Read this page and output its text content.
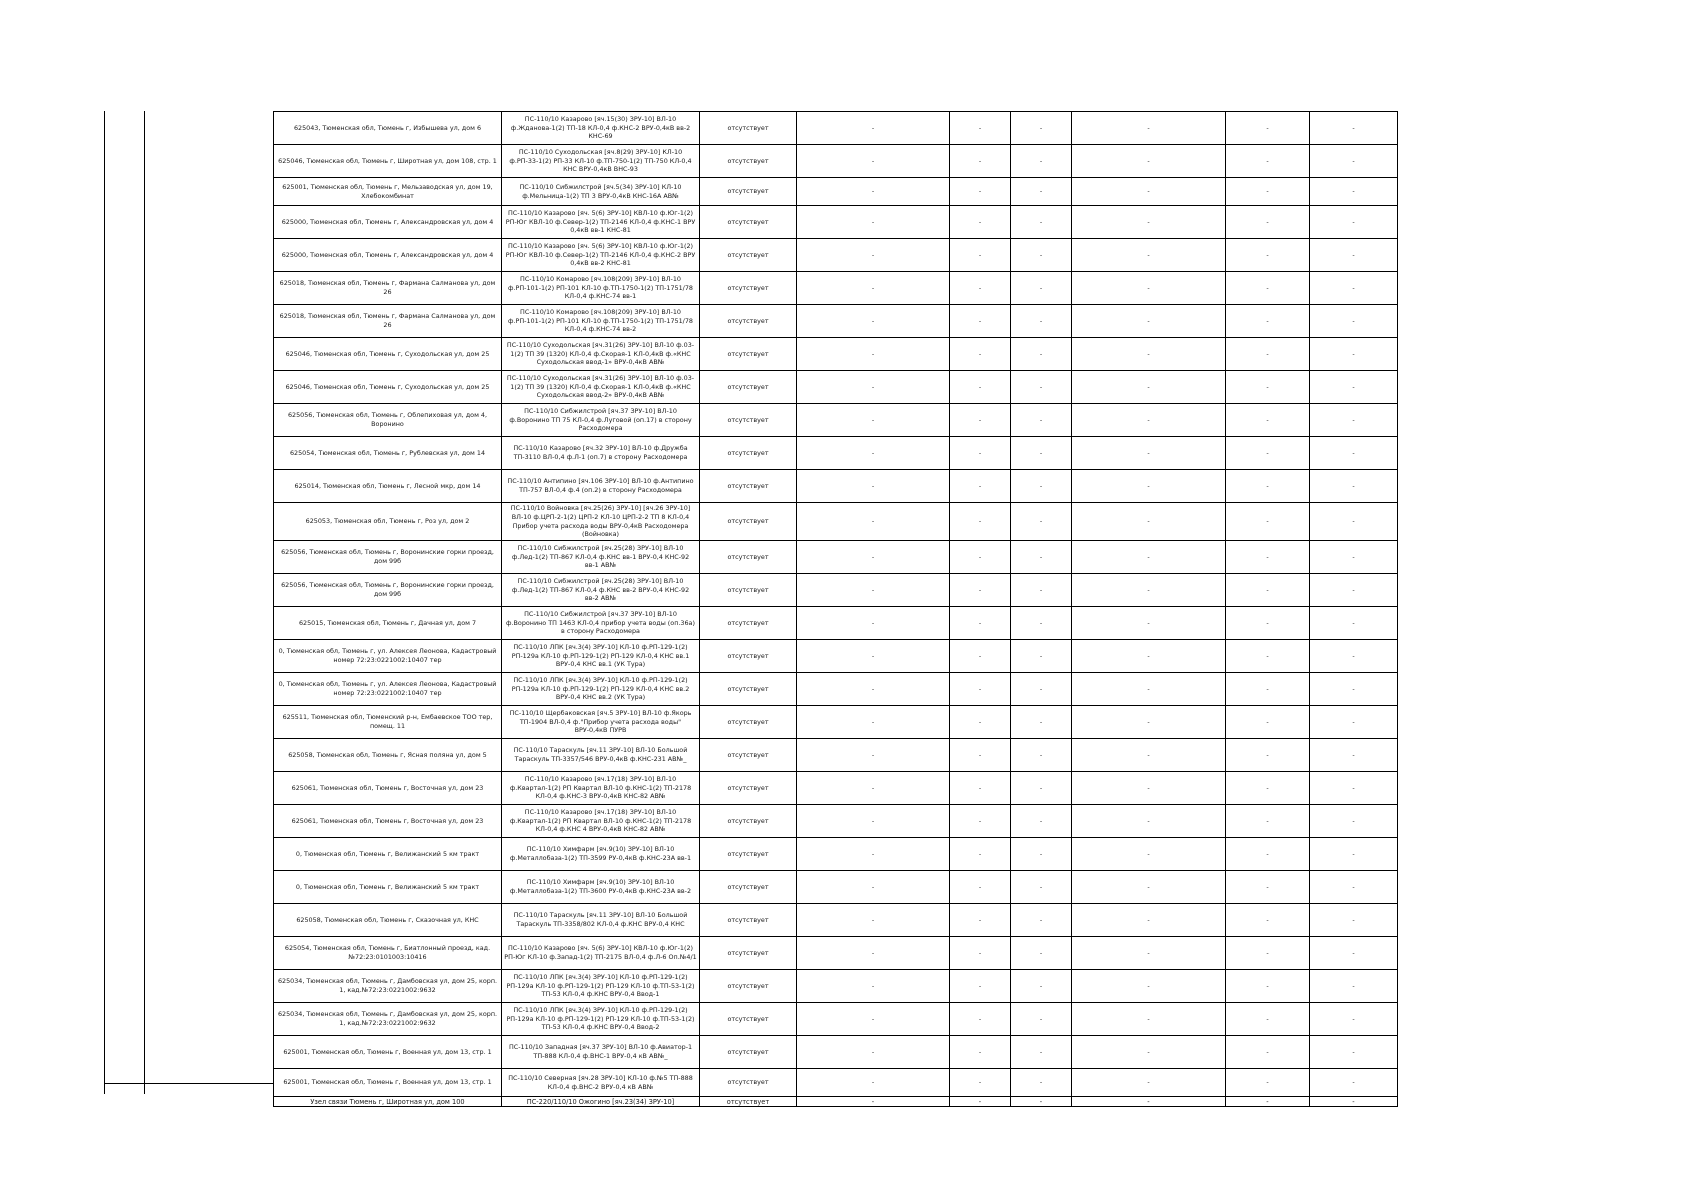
625043, Тюменская обл, Тюмень г, Избышева ул, дом 6	ПС-110/10 Казарово [яч.15(30) ЗРУ-10] ВЛ-10 ф.Жданова-1(2) ТП-18 КЛ-0,4 ф.КНС-2 ВРУ-0,4кВ вв-2 КНС-69	отсутствует	-	-	-	-	-	-
625046, Тюменская обл, Тюмень г, Широтная ул, дом 108, стр. 1	ПС-110/10 Суходольская [яч.8(29) ЗРУ-10] КЛ-10 ф.РП-33-1(2) РП-33 КЛ-10 ф.ТП-750-1(2) ТП-750 КЛ-0,4 КНС ВРУ-0,4кВ ВНС-93	отсутствует	-	-	-	-	-	-
625001, Тюменская обл, Тюмень г, Мельзаводская ул, дом 19, Хлебокомбинат	ПС-110/10 Сибжилстрой [яч.5(34) ЗРУ-10] КЛ-10 ф.Мельница-1(2) ТП 3 ВРУ-0,4кВ КНС-16А АВ№	отсутствует	-	-	-	-	-	-
625000, Тюменская обл, Тюмень г, Александровская ул, дом 4	ПС-110/10 Казарово [яч. 5(6) ЗРУ-10] КВЛ-10 ф.Юг-1(2) РП-Юг КВЛ-10 ф.Север-1(2) ТП-2146 КЛ-0,4 ф.КНС-1 ВРУ 0,4кВ вв-1 КНС-81	отсутствует	-	-	-	-	-	-
625000, Тюменская обл, Тюмень г, Александровская ул, дом 4	ПС-110/10 Казарово [яч. 5(6) ЗРУ-10] КВЛ-10 ф.Юг-1(2) РП-Юг КВЛ-10 ф.Север-1(2) ТП-2146 КЛ-0,4 ф.КНС-2 ВРУ 0,4кВ вв-2 КНС-81	отсутствует	-	-	-	-	-	-
625018, Тюменская обл, Тюмень г, Фармана Салманова ул, дом 26	ПС-110/10 Комарово [яч.108(209) ЗРУ-10] ВЛ-10 ф.РП-101-1(2) РП-101 КЛ-10 ф.ТП-1750-1(2) ТП-1751/78 КЛ-0,4 ф.КНС-74 вв-1	отсутствует	-	-	-	-	-	-
625018, Тюменская обл, Тюмень г, Фармана Салманова ул, дом 26	ПС-110/10 Комарово [яч.108(209) ЗРУ-10] ВЛ-10 ф.РП-101-1(2) РП-101 КЛ-10 ф.ТП-1750-1(2) ТП-1751/78 КЛ-0,4 ф.КНС-74 вв-2	отсутствует	-	-	-	-	-	-
625046, Тюменская обл, Тюмень г, Суходольская ул, дом 25	ПС-110/10 Суходольская [яч.31(26) ЗРУ-10] ВЛ-10 ф.03-1(2) ТП 39 (1320) КЛ-0,4 ф.Скорая-1 КЛ-0,4кВ ф.«КНС Суходольская ввод-1» ВРУ-0,4кВ АВ№	отсутствует	-	-	-	-	-	-
625046, Тюменская обл, Тюмень г, Суходольская ул, дом 25	ПС-110/10 Суходольская [яч.31(26) ЗРУ-10] ВЛ-10 ф.03-1(2) ТП 39 (1320) КЛ-0,4 ф.Скорая-1 КЛ-0,4кВ ф.«КНС Суходольская ввод-2» ВРУ-0,4кВ АВ№	отсутствует	-	-	-	-	-	-
625056, Тюменская обл, Тюмень г, Облепиховая ул, дом 4, Воронино	ПС-110/10 Сибжилстрой [яч.37 ЗРУ-10] ВЛ-10 ф.Воронино ТП 75 КЛ-0,4 ф.Луговой (оп.17) в сторону Расходомера	отсутствует	-	-	-	-	-	-
625054, Тюменская обл, Тюмень г, Рублевская ул, дом 14	ПС-110/10 Казарово [яч.32 ЗРУ-10] ВЛ-10 ф.Дружба ТП-3110 ВЛ-0,4 ф.Л-1 (оп.7) в сторону Расходомера	отсутствует	-	-	-	-	-	-
625014, Тюменская обл, Тюмень г, Лесной мкр, дом 14	ПС-110/10 Антипино [яч.106 ЗРУ-10] ВЛ-10 ф.Антипино ТП-757 ВЛ-0,4 ф.4 (оп.2) в сторону Расходомера	отсутствует	-	-	-	-	-	-
625053, Тюменская обл, Тюмень г, Роз ул, дом 2	ПС-110/10 Войновка [яч.25(26) ЗРУ-10] [яч.26 ЗРУ-10] ВЛ-10 ф.ЦРП-2-1(2) ЦРП-2 КЛ-10 ЦРП-2-2 ТП 8 КЛ-0,4 Прибор учета расхода воды ВРУ-0,4кВ Расходомера (Войновка)	отсутствует	-	-	-	-	-	-
625056, Тюменская обл, Тюмень г, Воронинские горки проезд, дом 99б	ПС-110/10 Сибжилстрой [яч.25(28) ЗРУ-10] ВЛ-10 ф.Лед-1(2) ТП-867 КЛ-0,4 ф.КНС вв-1 ВРУ-0,4 КНС-92 вв-1 АВ№	отсутствует	-	-	-	-	-	-
625056, Тюменская обл, Тюмень г, Воронинские горки проезд, дом 99б	ПС-110/10 Сибжилстрой [яч.25(28) ЗРУ-10] ВЛ-10 ф.Лед-1(2) ТП-867 КЛ-0,4 ф.КНС вв-2 ВРУ-0,4 КНС-92 вв-2 АВ№	отсутствует	-	-	-	-	-	-
625015, Тюменская обл, Тюмень г, Дачная ул, дом 7	ПС-110/10 Сибжилстрой [яч.37 ЗРУ-10] ВЛ-10 ф.Воронино ТП 1463 КЛ-0,4 прибор учета воды (оп.36а) в сторону Расходомера	отсутствует	-	-	-	-	-	-
0, Тюменская обл, Тюмень г, ул. Алексея Леонова, Кадастровый номер 72:23:0221002:10407 тер	ПС-110/10 ЛПК [яч.3(4) ЗРУ-10] КЛ-10 ф.РП-129-1(2) РП-129а КЛ-10 ф.РП-129-1(2) РП-129 КЛ-0,4 КНС вв.1 ВРУ-0,4 КНС вв.1 (УК Тура)	отсутствует	-	-	-	-	-	-
0, Тюменская обл, Тюмень г, ул. Алексея Леонова, Кадастровый номер 72:23:0221002:10407 тер	ПС-110/10 ЛПК [яч.3(4) ЗРУ-10] КЛ-10 ф.РП-129-1(2) РП-129а КЛ-10 ф.РП-129-1(2) РП-129 КЛ-0,4 КНС вв.2 ВРУ-0,4 КНС вв.2 (УК Тура)	отсутствует	-	-	-	-	-	-
625511, Тюменская обл, Тюменский р-н, Ембаевское ТОО тер, помещ. 11	ПС-110/10 Щербаковская [яч.5 ЗРУ-10] ВЛ-10 ф.Якорь ТП-1904 ВЛ-0,4 ф."Прибор учета расхода воды" ВРУ-0,4кВ ПУРВ	отсутствует	-	-	-	-	-	-
625058, Тюменская обл, Тюмень г, Ясная поляна ул, дом 5	ПС-110/10 Тараскуль [яч.11 ЗРУ-10] ВЛ-10 Большой Тараскуль ТП-3357/546 ВРУ-0,4кВ ф.КНС-231 АВ№_	отсутствует	-	-	-	-	-	-
625061, Тюменская обл, Тюмень г, Восточная ул, дом 23	ПС-110/10 Казарово [яч.17(18) ЗРУ-10] ВЛ-10 ф.Квартал-1(2) РП Квартал ВЛ-10 ф.КНС-1(2) ТП-2178 КЛ-0,4 ф.КНС-3 ВРУ-0,4кВ КНС-82 АВ№	отсутствует	-	-	-	-	-	-
625061, Тюменская обл, Тюмень г, Восточная ул, дом 23	ПС-110/10 Казарово [яч.17(18) ЗРУ-10] ВЛ-10 ф.Квартал-1(2) РП Квартал ВЛ-10 ф.КНС-1(2) ТП-2178 КЛ-0,4 ф.КНС 4 ВРУ-0,4кВ КНС-82 АВ№	отсутствует	-	-	-	-	-	-
0, Тюменская обл, Тюмень г, Велижанский 5 км тракт	ПС-110/10 Химфарм [яч.9(10) ЗРУ-10] ВЛ-10 ф.Металлобаза-1(2) ТП-3599 РУ-0,4кВ ф.КНС-23А вв-1	отсутствует	-	-	-	-	-	-
0, Тюменская обл, Тюмень г, Велижанский 5 км тракт	ПС-110/10 Химфарм [яч.9(10) ЗРУ-10] ВЛ-10 ф.Металлобаза-1(2) ТП-3600 РУ-0,4кВ ф.КНС-23А вв-2	отсутствует	-	-	-	-	-	-
625058, Тюменская обл, Тюмень г, Сказочная ул, КНС	ПС-110/10 Тараскуль [яч.11 ЗРУ-10] ВЛ-10 Большой Тараскуль ТП-3358/802 КЛ-0,4 ф.КНС ВРУ-0,4 КНС	отсутствует	-	-	-	-	-	-
625054, Тюменская обл, Тюмень г, Биатлонный проезд, кад.№72:23:0101003:10416	ПС-110/10 Казарово [яч. 5(6) ЗРУ-10] КВЛ-10 ф.Юг-1(2) РП-Юг КЛ-10 ф.Запад-1(2) ТП-2175 ВЛ-0,4 ф.Л-6 Оп.№4/1	отсутствует	-	-	-	-	-	-
625034, Тюменская обл, Тюмень г, Дамбовская ул, дом 25, корп. 1, кад.№72:23:0221002:9632	ПС-110/10 ЛПК [яч.3(4) ЗРУ-10] КЛ-10 ф.РП-129-1(2) РП-129а КЛ-10 ф.РП-129-1(2) РП-129 КЛ-10 ф.ТП-53-1(2) ТП-53 КЛ-0,4 ф.КНС ВРУ-0,4 Ввод-1	отсутствует	-	-	-	-	-	-
625034, Тюменская обл, Тюмень г, Дамбовская ул, дом 25, корп. 1, кад.№72:23:0221002:9632	ПС-110/10 ЛПК [яч.3(4) ЗРУ-10] КЛ-10 ф.РП-129-1(2) РП-129а КЛ-10 ф.РП-129-1(2) РП-129 КЛ-10 ф.ТП-53-1(2) ТП-53 КЛ-0,4 ф.КНС ВРУ-0,4 Ввод-2	отсутствует	-	-	-	-	-	-
625001, Тюменская обл, Тюмень г, Военная ул, дом 13, стр. 1	ПС-110/10 Западная [яч.37 ЗРУ-10] ВЛ-10 ф.Авиатор-1 ТП-888 КЛ-0,4 ф.ВНС-1 ВРУ-0,4 кВ АВ№_	отсутствует	-	-	-	-	-	-
625001, Тюменская обл, Тюмень г, Военная ул, дом 13, стр. 1	ПС-110/10 Северная [яч.28 ЗРУ-10] КЛ-10 ф.№5 ТП-888 КЛ-0,4 ф.ВНС-2 ВРУ-0,4 кВ АВ№	отсутствует	-	-	-	-	-	-
Узел связи Тюмень г, Широтная ул, дом 100	ПС-220/110/10 Ожогино [яч.23(34) ЗРУ-10]	отсутствует	-	-	-	-	-	-
